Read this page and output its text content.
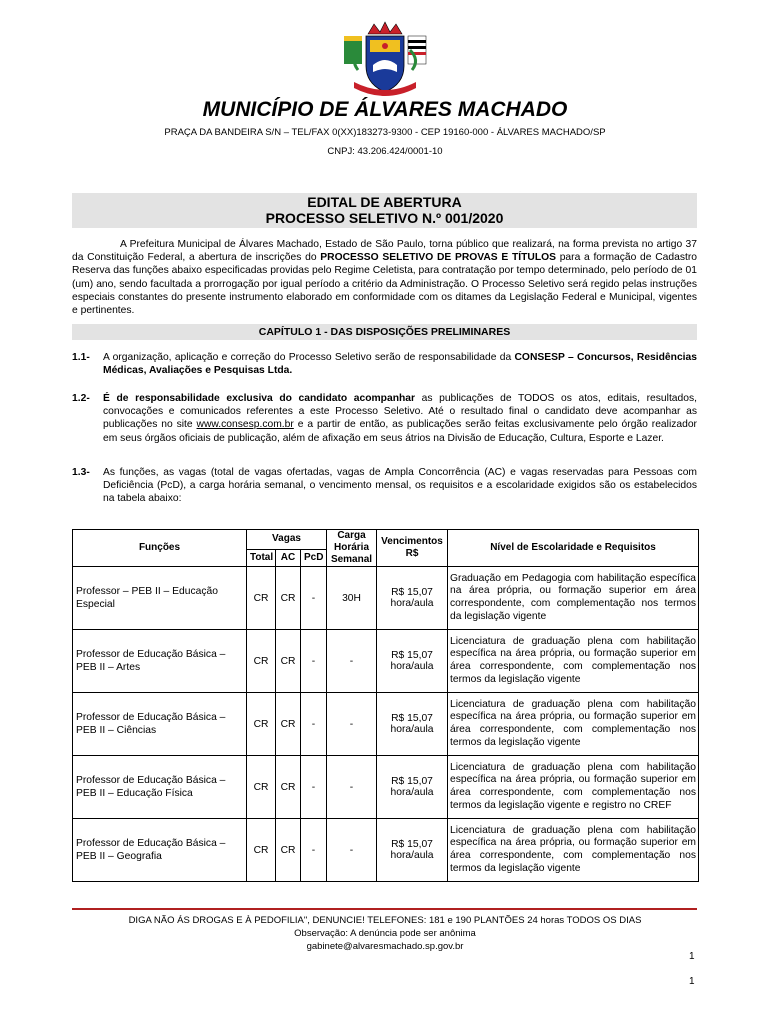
MUNICÍPIO DE ÁLVARES MACHADO
PRAÇA DA BANDEIRA S/N – TEL/FAX 0(XX)183273-9300 - CEP 19160-000 - ÁLVARES MACHADO/SP
CNPJ: 43.206.424/0001-10
EDITAL DE ABERTURA
PROCESSO SELETIVO N.º 001/2020
A Prefeitura Municipal de Álvares Machado, Estado de São Paulo, torna público que realizará, na forma prevista no artigo 37 da Constituição Federal, a abertura de inscrições do PROCESSO SELETIVO DE PROVAS E TÍTULOS para a formação de Cadastro Reserva das funções abaixo especificadas providas pelo Regime Celetista, para contratação por tempo determinado, pelo período de 01 (um) ano, sendo facultada a prorrogação por igual período a critério da Administração. O Processo Seletivo será regido pelas instruções especiais constantes do presente instrumento elaborado em conformidade com os ditames da Legislação Federal e Municipal, vigentes e pertinentes.
CAPÍTULO 1 - DAS DISPOSIÇÕES PRELIMINARES
1.1- A organização, aplicação e correção do Processo Seletivo serão de responsabilidade da CONSESP – Concursos, Residências Médicas, Avaliações e Pesquisas Ltda.
1.2- É de responsabilidade exclusiva do candidato acompanhar as publicações de TODOS os atos, editais, resultados, convocações e comunicados referentes a este Processo Seletivo. Até o resultado final o candidato deve acompanhar as publicações no site www.consesp.com.br e a partir de então, as publicações serão feitas exclusivamente pelo órgão realizador em seus órgãos oficiais de publicação, além de afixação em seus átrios na Divisão de Educação, Cultura, Esporte e Lazer.
1.3- As funções, as vagas (total de vagas ofertadas, vagas de Ampla Concorrência (AC) e vagas reservadas para Pessoas com Deficiência (PcD), a carga horária semanal, o vencimento mensal, os requisitos e a escolaridade exigidos são os estabelecidos na tabela abaixo:
Funções	Vagas			Carga Horária Semanal	Vencimentos R$	Nível de Escolaridade e Requisitos
	Total	AC	PcD			
Professor – PEB II – Educação Especial	CR	CR	-	30H	R$ 15,07 hora/aula	Graduação em Pedagogia com habilitação específica na área própria, ou formação superior em área correspondente, com complementação nos termos da legislação vigente
Professor de Educação Básica – PEB II – Artes	CR	CR	-	-	R$ 15,07 hora/aula	Licenciatura de graduação plena com habilitação específica na área própria, ou formação superior em área correspondente, com complementação nos termos da legislação vigente
Professor de Educação Básica – PEB II – Ciências	CR	CR	-	-	R$ 15,07 hora/aula	Licenciatura de graduação plena com habilitação específica na área própria, ou formação superior em área correspondente, com complementação nos termos da legislação vigente
Professor de Educação Básica – PEB II – Educação Física	CR	CR	-	-	R$ 15,07 hora/aula	Licenciatura de graduação plena com habilitação específica na área própria, ou formação superior em área correspondente, com complementação nos termos da legislação vigente e registro no CREF
Professor de Educação Básica – PEB II – Geografia	CR	CR	-	-	R$ 15,07 hora/aula	Licenciatura de graduação plena com habilitação específica na área própria, ou formação superior em área correspondente, com complementação nos termos da legislação vigente
DIGA NÃO ÁS DROGAS E À PEDOFILIA", DENUNCIE! TELEFONES: 181 e 190 PLANTÕES 24 horas TODOS OS DIAS
Observação: A denúncia pode ser anônima
gabinete@alvaresmachado.sp.gov.br
1
1
